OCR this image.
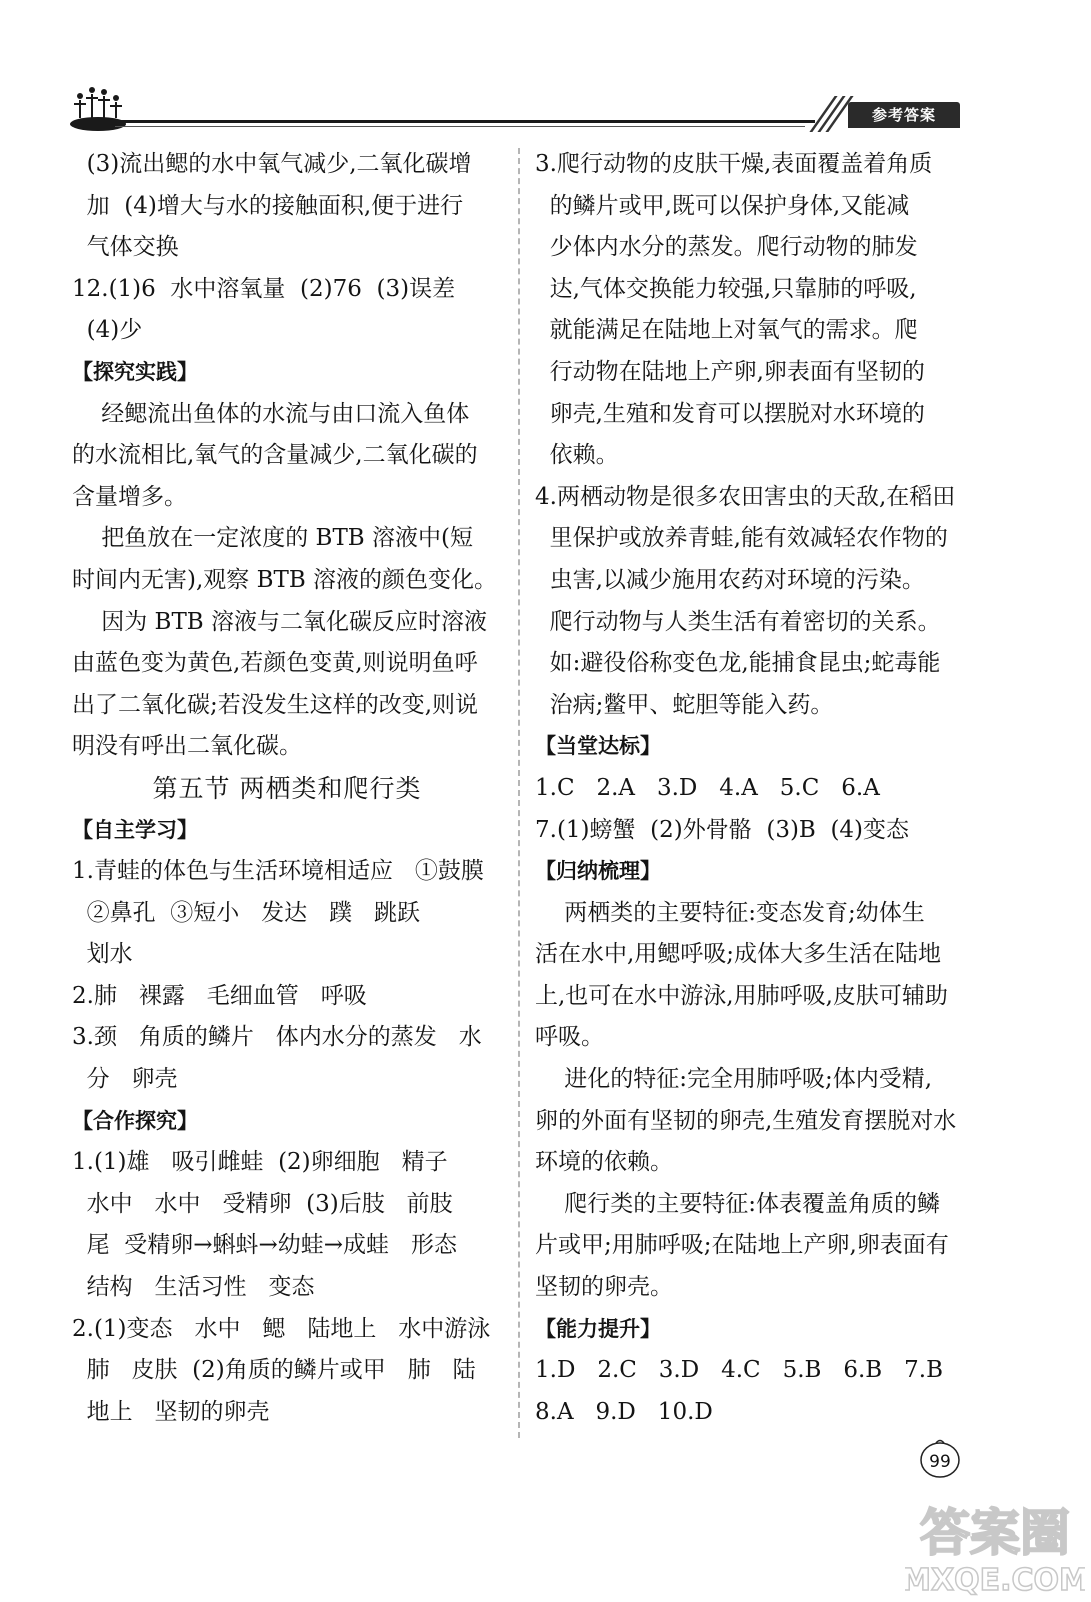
参考答案
(3)流出鳃的水中氧气减少,二氧化碳增
加  (4)增大与水的接触面积,便于进行
气体交换
12.(1)6  水中溶氧量  (2)76  (3)误差
(4)少
【探究实践】
经鳃流出鱼体的水流与由口流入鱼体
的水流相比,氧气的含量减少,二氧化碳的
含量增多。
把鱼放在一定浓度的 BTB 溶液中(短
时间内无害),观察 BTB 溶液的颜色变化。
因为 BTB 溶液与二氧化碳反应时溶液
由蓝色变为黄色,若颜色变黄,则说明鱼呼
出了二氧化碳;若没发生这样的改变,则说
明没有呼出二氧化碳。
第五节 两栖类和爬行类
【自主学习】
1.青蛙的体色与生活环境相适应   ①鼓膜
②鼻孔  ③短小   发达   蹼   跳跃
划水
2.肺   裸露   毛细血管   呼吸
3.颈   角质的鳞片   体内水分的蒸发   水
分   卵壳
【合作探究】
1.(1)雄   吸引雌蛙  (2)卵细胞   精子
水中   水中   受精卵  (3)后肢   前肢
尾  受精卵→蝌蚪→幼蛙→成蛙   形态
结构   生活习性   变态
2.(1)变态   水中   鳃   陆地上   水中游泳
肺   皮肤  (2)角质的鳞片或甲   肺   陆
地上   坚韧的卵壳
3.爬行动物的皮肤干燥,表面覆盖着角质
的鳞片或甲,既可以保护身体,又能减
少体内水分的蒸发。爬行动物的肺发
达,气体交换能力较强,只靠肺的呼吸,
就能满足在陆地上对氧气的需求。爬
行动物在陆地上产卵,卵表面有坚韧的
卵壳,生殖和发育可以摆脱对水环境的
依赖。
4.两栖动物是很多农田害虫的天敌,在稻田
里保护或放养青蛙,能有效减轻农作物的
虫害,以减少施用农药对环境的污染。
爬行动物与人类生活有着密切的关系。
如:避役俗称变色龙,能捕食昆虫;蛇毒能
治病;鳖甲、蛇胆等能入药。
【当堂达标】
1.C   2.A   3.D   4.A   5.C   6.A
7.(1)螃蟹  (2)外骨骼  (3)B  (4)变态
【归纳梳理】
两栖类的主要特征:变态发育;幼体生
活在水中,用鳃呼吸;成体大多生活在陆地
上,也可在水中游泳,用肺呼吸,皮肤可辅助
呼吸。
进化的特征:完全用肺呼吸;体内受精,
卵的外面有坚韧的卵壳,生殖发育摆脱对水
环境的依赖。
爬行类的主要特征:体表覆盖角质的鳞
片或甲;用肺呼吸;在陆地上产卵,卵表面有
坚韧的卵壳。
【能力提升】
1.D   2.C   3.D   4.C   5.B   6.B   7.B
8.A   9.D   10.D
99
答案圈
MXQE.COM
